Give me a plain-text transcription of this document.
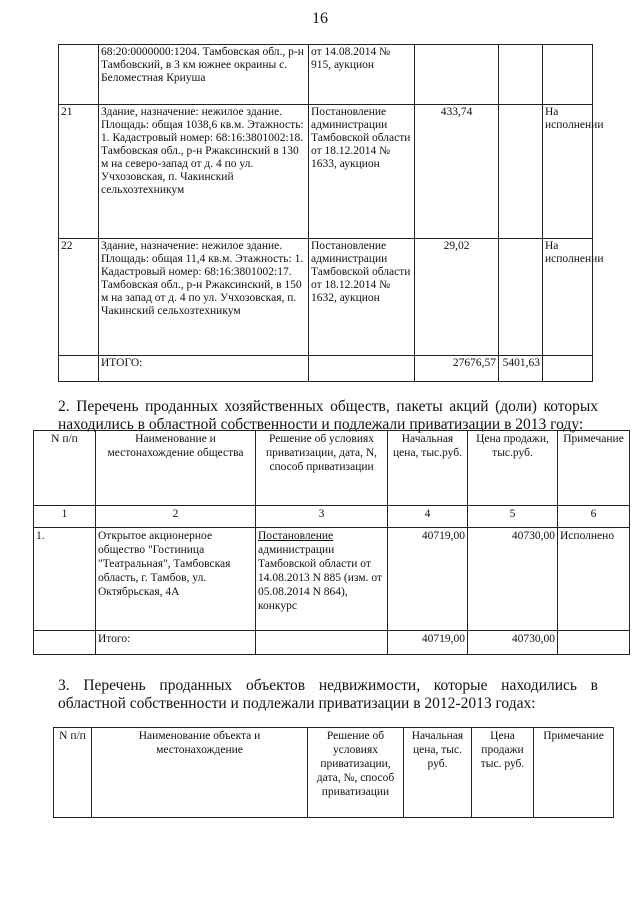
16
	68:20:0000000:1204. Тамбовская обл., р-н Тамбовский, в 3 км южнее окраины с. Беломестная Криуша	от 14.08.2014 № 915, аукцион			
21	Здание, назначение: нежилое здание. Площадь: общая 1038,6 кв.м. Этажность: 1. Кадастровый номер: 68:16:3801002:18. Тамбовская обл., р-н Ржаксинский в 130 м на северо-запад от д. 4 по ул. Учхозовская, п. Чакинский сельхозтехникум	Постановление администрации Тамбовской области от 18.12.2014 № 1633, аукцион	433,74		На исполнении
22	Здание, назначение: нежилое здание. Площадь: общая 11,4 кв.м. Этажность: 1. Кадастровый номер: 68:16:3801002:17. Тамбовская обл., р-н Ржаксинский, в 150 м на запад от д. 4 по ул. Учхозовская, п. Чакинский сельхозтехникум	Постановление администрации Тамбовской области от 18.12.2014 № 1632, аукцион	29,02		На исполнении
	ИТОГО:		27676,57	5401,63	
2. Перечень проданных хозяйственных обществ, пакеты акций (доли) которых
находились в областной собственности и подлежали приватизации в 2013 году:
N п/п	Наименование и местонахождение общества	Решение об условиях приватизации, дата, N, способ приватизации	Начальная цена, тыс.руб.	Цена продажи, тыс.руб.	Примечание
1	2	3	4	5	6
1.	Открытое акционерное общество "Гостиница "Театральная", Тамбовская область, г. Тамбов, ул. Октябрьская, 4А	Постановление администрации Тамбовской области от 14.08.2013 N 885 (изм. от 05.08.2014 N 864), конкурс	40719,00	40730,00	Исполнено
	Итого:		40719,00	40730,00	
3. Перечень проданных объектов недвижимости, которые находились в
областной собственности и подлежали приватизации в 2012-2013 годах:
N п/п	Наименование объекта и местонахождение	Решение об условиях приватизации, дата, №, способ приватизации	Начальная цена, тыс. руб.	Цена продажи тыс. руб.	Примечание
